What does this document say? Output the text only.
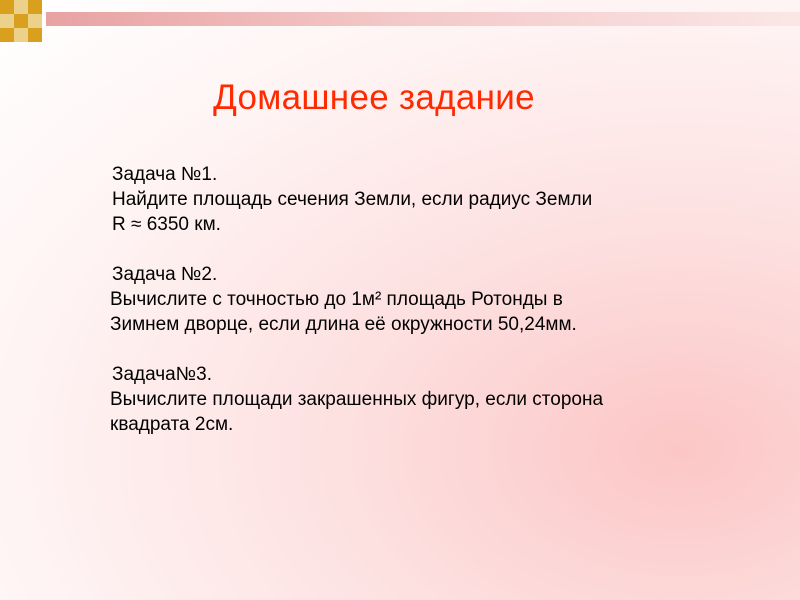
Домашнее задание
Задача №1.
Найдите площадь сечения Земли, если радиус Земли
R ≈ 6350 км.
Задача №2.
Вычислите с точностью до 1м² площадь Ротонды в
Зимнем дворце, если длина её окружности 50,24мм.
Задача№3.
Вычислите площади закрашенных фигур, если сторона
квадрата 2см.
